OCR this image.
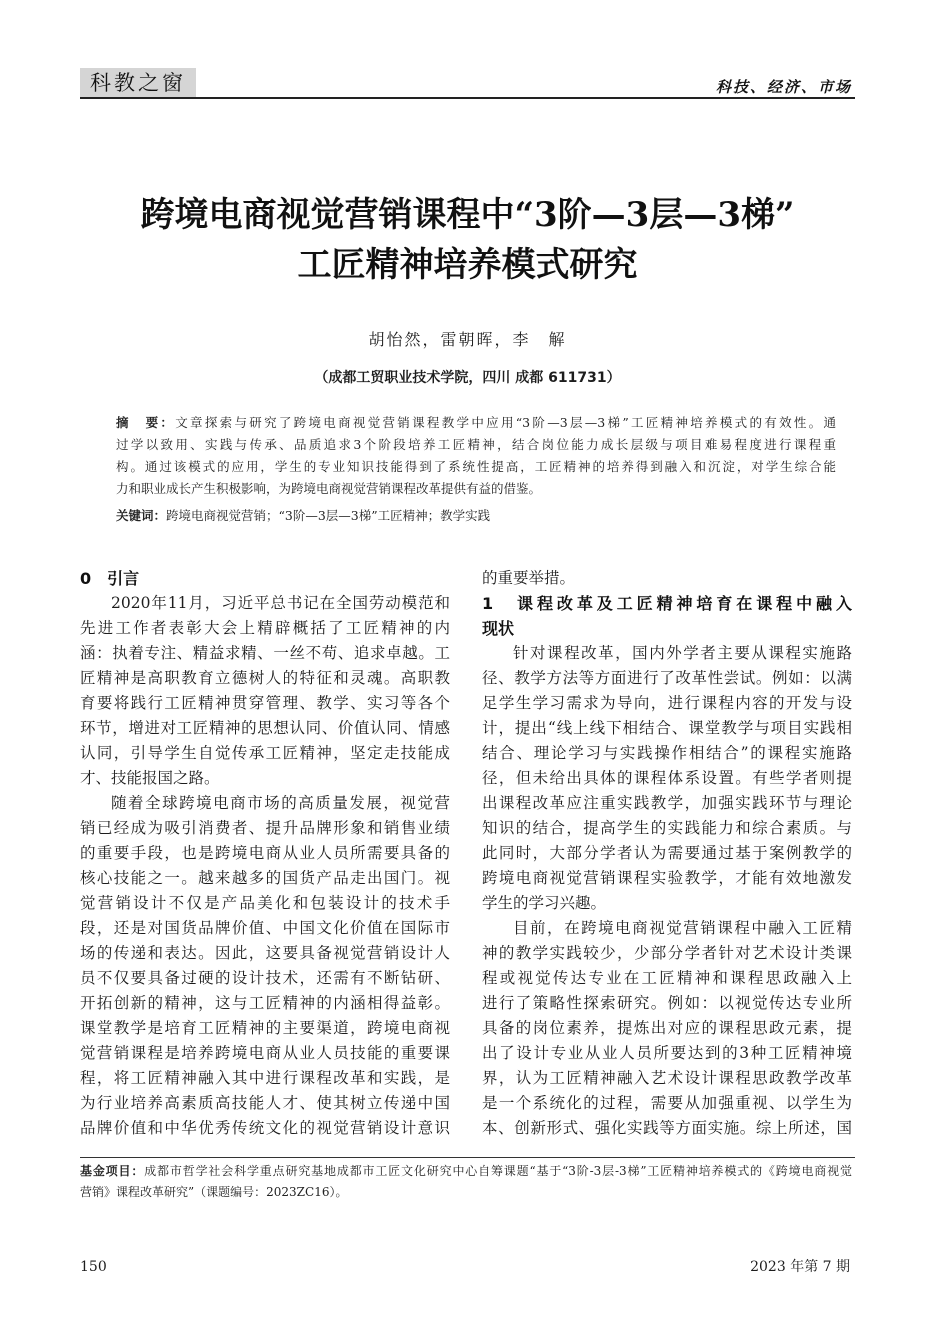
科教之窗	科技、经济、市场
跨境电商视觉营销课程中“3阶—3层—3梯”
工匠精神培养模式研究
胡怡然，雷朝晖，李　解
（成都工贸职业技术学院，四川 成都 611731）
摘　要：文章探索与研究了跨境电商视觉营销课程教学中应用“3阶—3层—3梯”工匠精神培养模式的有效性。通
过学以致用、实践与传承、品质追求3个阶段培养工匠精神，结合岗位能力成长层级与项目难易程度进行课程重
构。通过该模式的应用，学生的专业知识技能得到了系统性提高，工匠精神的培养得到融入和沉淀，对学生综合能
力和职业成长产生积极影响，为跨境电商视觉营销课程改革提供有益的借鉴。
关键词：跨境电商视觉营销；“3阶—3层—3梯”工匠精神；教学实践
0　引言
2020年11月，习近平总书记在全国劳动模范和
先进工作者表彰大会上精辟概括了工匠精神的内
涵：执着专注、精益求精、一丝不苟、追求卓越。工
匠精神是高职教育立德树人的特征和灵魂。高职教
育要将践行工匠精神贯穿管理、教学、实习等各个
环节，增进对工匠精神的思想认同、价值认同、情感
认同，引导学生自觉传承工匠精神，坚定走技能成
才、技能报国之路。
随着全球跨境电商市场的高质量发展，视觉营
销已经成为吸引消费者、提升品牌形象和销售业绩
的重要手段，也是跨境电商从业人员所需要具备的
核心技能之一。越来越多的国货产品走出国门。视
觉营销设计不仅是产品美化和包装设计的技术手
段，还是对国货品牌价值、中国文化价值在国际市
场的传递和表达。因此，这要具备视觉营销设计人
员不仅要具备过硬的设计技术，还需有不断钻研、
开拓创新的精神，这与工匠精神的内涵相得益彰。
课堂教学是培育工匠精神的主要渠道，跨境电商视
觉营销课程是培养跨境电商从业人员技能的重要课
程，将工匠精神融入其中进行课程改革和实践，是
为行业培养高素质高技能人才、使其树立传递中国
品牌价值和中华优秀传统文化的视觉营销设计意识
的重要举措。
1　课程改革及工匠精神培育在课程中融入
现状
针对课程改革，国内外学者主要从课程实施路
径、教学方法等方面进行了改革性尝试。例如：以满
足学生学习需求为导向，进行课程内容的开发与设
计，提出“线上线下相结合、课堂教学与项目实践相
结合、理论学习与实践操作相结合”的课程实施路
径，但未给出具体的课程体系设置。有些学者则提
出课程改革应注重实践教学，加强实践环节与理论
知识的结合，提高学生的实践能力和综合素质。与
此同时，大部分学者认为需要通过基于案例教学的
跨境电商视觉营销课程实验教学，才能有效地激发
学生的学习兴趣。
目前，在跨境电商视觉营销课程中融入工匠精
神的教学实践较少，少部分学者针对艺术设计类课
程或视觉传达专业在工匠精神和课程思政融入上
进行了策略性探索研究。例如：以视觉传达专业所
具备的岗位素养，提炼出对应的课程思政元素，提
出了设计专业从业人员所要达到的3种工匠精神境
界，认为工匠精神融入艺术设计课程思政教学改革
是一个系统化的过程，需要从加强重视、以学生为
本、创新形式、强化实践等方面实施。综上所述，国
基金项目：成都市哲学社会科学重点研究基地成都市工匠文化研究中心自筹课题“基于“3阶-3层-3梯”工匠精神培养模式的《跨境电商视觉
营销》课程改革研究”（课题编号：2023ZC16）。
150	2023 年第 7 期
